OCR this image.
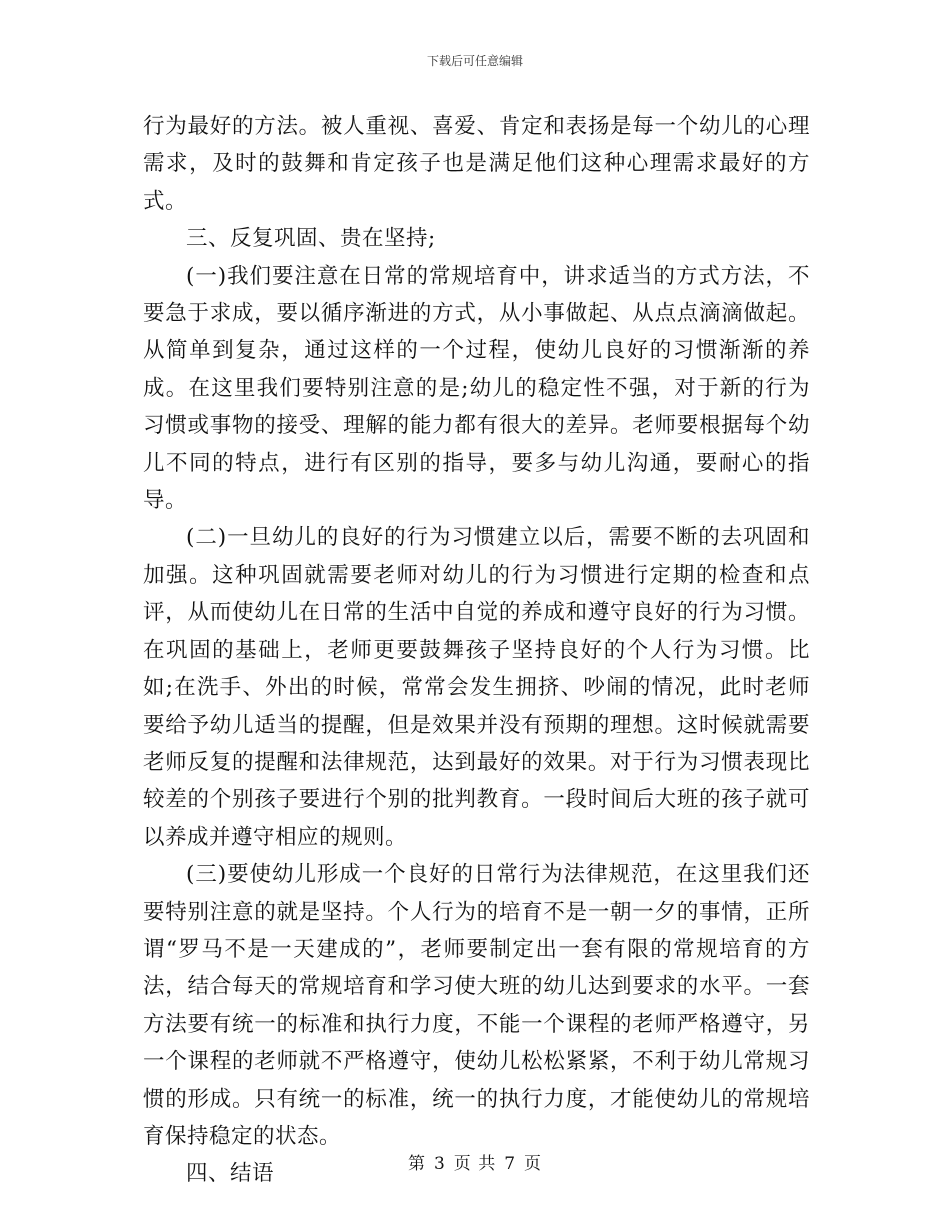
下载后可任意编辑

行为最好的方法。被人重视、喜爱、肯定和表扬是每一个幼儿的心理需求，及时的鼓舞和肯定孩子也是满足他们这种心理需求最好的方式。

三、反复巩固、贵在坚持;

(一)我们要注意在日常的常规培育中，讲求适当的方式方法，不要急于求成，要以循序渐进的方式，从小事做起、从点点滴滴做起。从简单到复杂，通过这样的一个过程，使幼儿良好的习惯渐渐的养成。在这里我们要特别注意的是;幼儿的稳定性不强，对于新的行为习惯或事物的接受、理解的能力都有很大的差异。老师要根据每个幼儿不同的特点，进行有区别的指导，要多与幼儿沟通，要耐心的指导。

(二)一旦幼儿的良好的行为习惯建立以后，需要不断的去巩固和加强。这种巩固就需要老师对幼儿的行为习惯进行定期的检查和点评，从而使幼儿在日常的生活中自觉的养成和遵守良好的行为习惯。在巩固的基础上，老师更要鼓舞孩子坚持良好的个人行为习惯。比如;在洗手、外出的时候，常常会发生拥挤、吵闹的情况，此时老师要给予幼儿适当的提醒，但是效果并没有预期的理想。这时候就需要老师反复的提醒和法律规范，达到最好的效果。对于行为习惯表现比较差的个别孩子要进行个别的批判教育。一段时间后大班的孩子就可以养成并遵守相应的规则。

(三)要使幼儿形成一个良好的日常行为法律规范，在这里我们还要特别注意的就是坚持。个人行为的培育不是一朝一夕的事情，正所谓“罗马不是一天建成的”，老师要制定出一套有限的常规培育的方法，结合每天的常规培育和学习使大班的幼儿达到要求的水平。一套方法要有统一的标准和执行力度，不能一个课程的老师严格遵守，另一个课程的老师就不严格遵守，使幼儿松松紧紧，不利于幼儿常规习惯的形成。只有统一的标准，统一的执行力度，才能使幼儿的常规培育保持稳定的状态。

四、结语	第 3 页 共 7 页
